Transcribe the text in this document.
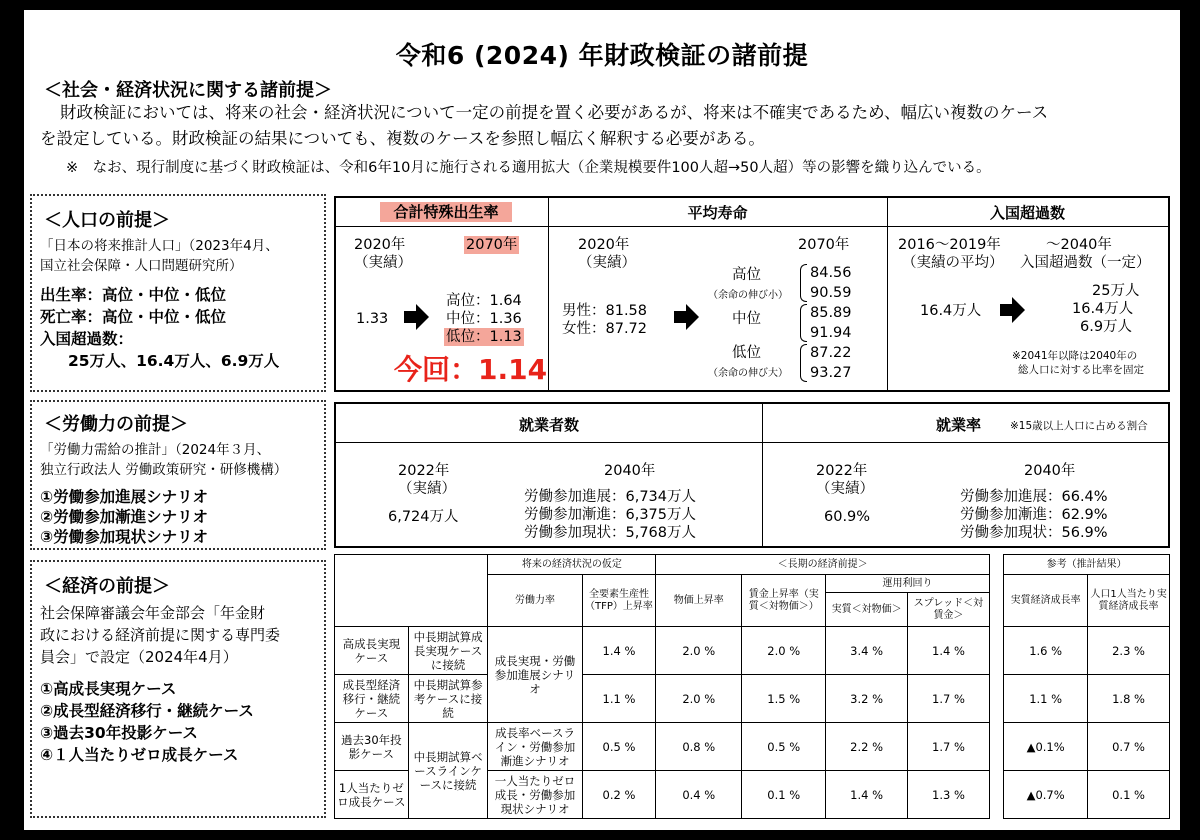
令和6 (2024) 年財政検証の諸前提
＜社会・経済状況に関する諸前提＞
財政検証においては、将来の社会・経済状況について一定の前提を置く必要があるが、将来は不確実であるため、幅広い複数のケース
を設定している。財政検証の結果についても、複数のケースを参照し幅広く解釈する必要がある。
※　なお、現行制度に基づく財政検証は、令和6年10月に施行される適用拡大（企業規模要件100人超→50人超）等の影響を織り込んでいる。
＜人口の前提＞
「日本の将来推計人口」（2023年4月、
国立社会保障・人口問題研究所）
出生率：高位・中位・低位
死亡率：高位・中位・低位
入国超過数：
25万人、16.4万人、6.9万人
合計特殊出生率
2020年
（実績）
2070年
1.33
高位：1.64
中位：1.36
低位：1.13
今回：1.14
平均寿命
2020年
（実績）
2070年
男性：81.58
女性：87.72
高位
（余命の伸び小）
中位
低位
（余命の伸び大）
84.56
90.59
85.89
91.94
87.22
93.27
入国超過数
2016～2019年
（実績の平均）
～2040年
入国超過数（一定）
16.4万人
25万人
16.4万人
6.9万人
※2041年以降は2040年の
総人口に対する比率を固定
＜労働力の前提＞
「労働力需給の推計」（2024年３月、
独立行政法人 労働政策研究・研修機構）
①労働参加進展シナリオ
②労働参加漸進シナリオ
③労働参加現状シナリオ
就業者数
2022年
（実績）
6,724万人
2040年
労働参加進展：6,734万人
労働参加漸進：6,375万人
労働参加現状：5,768万人
就業率	※15歳以上人口に占める割合
2022年
（実績）
60.9%
2040年
労働参加進展：66.4%
労働参加漸進：62.9%
労働参加現状：56.9%
＜経済の前提＞
社会保障審議会年金部会「年金財
政における経済前提に関する専門委
員会」で設定（2024年4月）
①高成長実現ケース
②成長型経済移行・継続ケース
③過去30年投影ケース
④１人当たりゼロ成長ケース
		将来の経済状況の仮定		＜長期の経済前提＞					参考（推計結果）	
		労働力率	全要素生産性（TFP）上昇率	物価上昇率	賃金上昇率（実質＜対物価＞）	運用利回り			実質経済成長率	人口1人当たり実質経済成長率
						実質＜対物価＞	スプレッド＜対賃金＞			
高成長実現ケース	中長期試算成長実現ケースに接続	成長実現・労働参加進展シナリオ	1.4 %	2.0 %	2.0 %	3.4 %	1.4 %		1.6 %	2.3 %
成長型経済移行・継続ケース	中長期試算参考ケースに接続		1.1 %	2.0 %	1.5 %	3.2 %	1.7 %		1.1 %	1.8 %
過去30年投影ケース	中長期試算ベースラインケースに接続	成長率ベースライン・労働参加漸進シナリオ	0.5 %	0.8 %	0.5 %	2.2 %	1.7 %		▲0.1%	0.7 %
1人当たりゼロ成長ケース		一人当たりゼロ成長・労働参加現状シナリオ	0.2 %	0.4 %	0.1 %	1.4 %	1.3 %		▲0.7%	0.1 %
2
